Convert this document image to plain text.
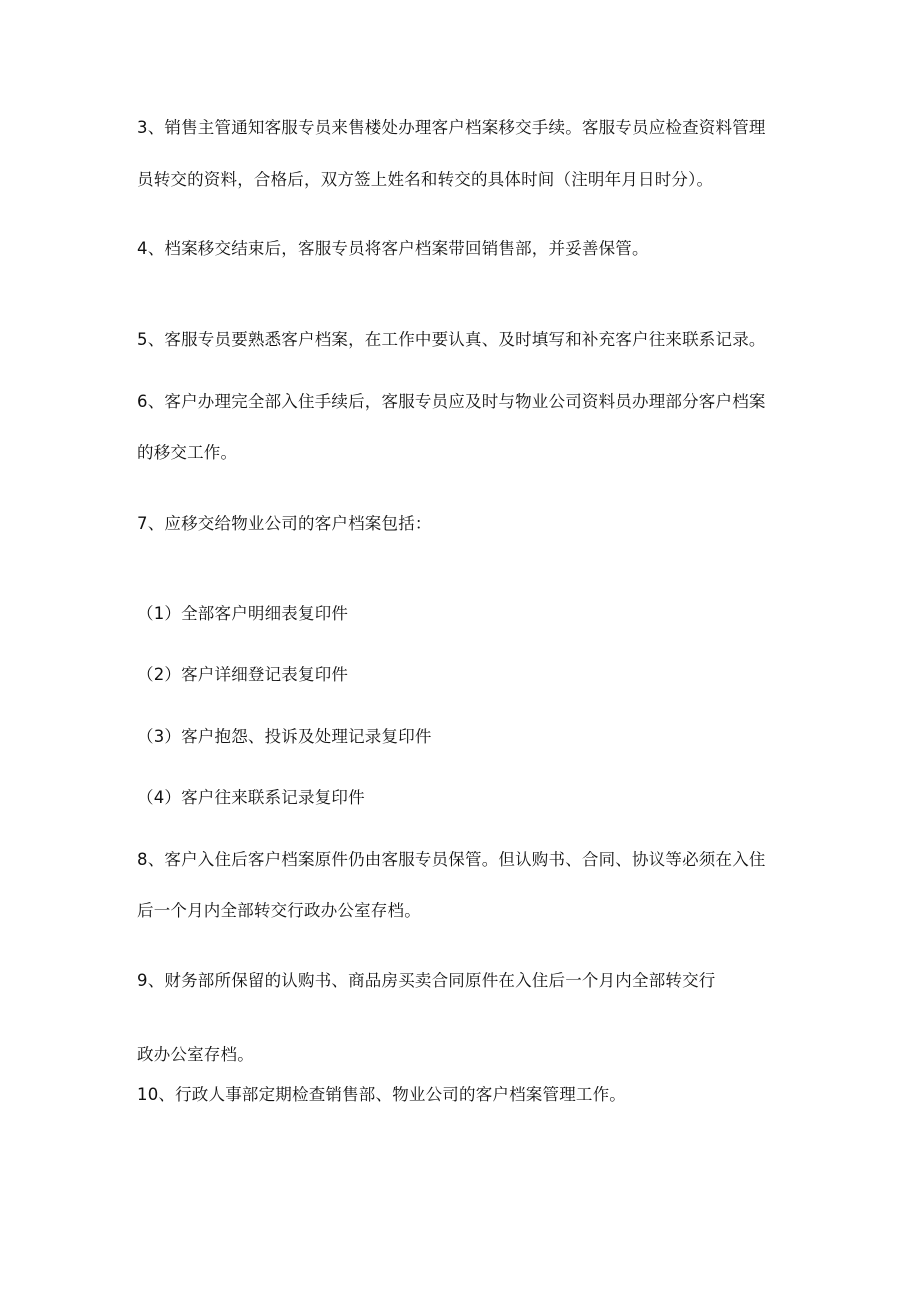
3、销售主管通知客服专员来售楼处办理客户档案移交手续。客服专员应检查资料管理

员转交的资料，合格后，双方签上姓名和转交的具体时间（注明年月日时分）。

4、档案移交结束后，客服专员将客户档案带回销售部，并妥善保管。

5、客服专员要熟悉客户档案，在工作中要认真、及时填写和补充客户往来联系记录。

6、客户办理完全部入住手续后，客服专员应及时与物业公司资料员办理部分客户档案

的移交工作。

7、应移交给物业公司的客户档案包括：

（1）全部客户明细表复印件

（2）客户详细登记表复印件

（3）客户抱怨、投诉及处理记录复印件

（4）客户往来联系记录复印件

8、客户入住后客户档案原件仍由客服专员保管。但认购书、合同、协议等必须在入住

后一个月内全部转交行政办公室存档。

9、财务部所保留的认购书、商品房买卖合同原件在入住后一个月内全部转交行

政办公室存档。

10、行政人事部定期检查销售部、物业公司的客户档案管理工作。
